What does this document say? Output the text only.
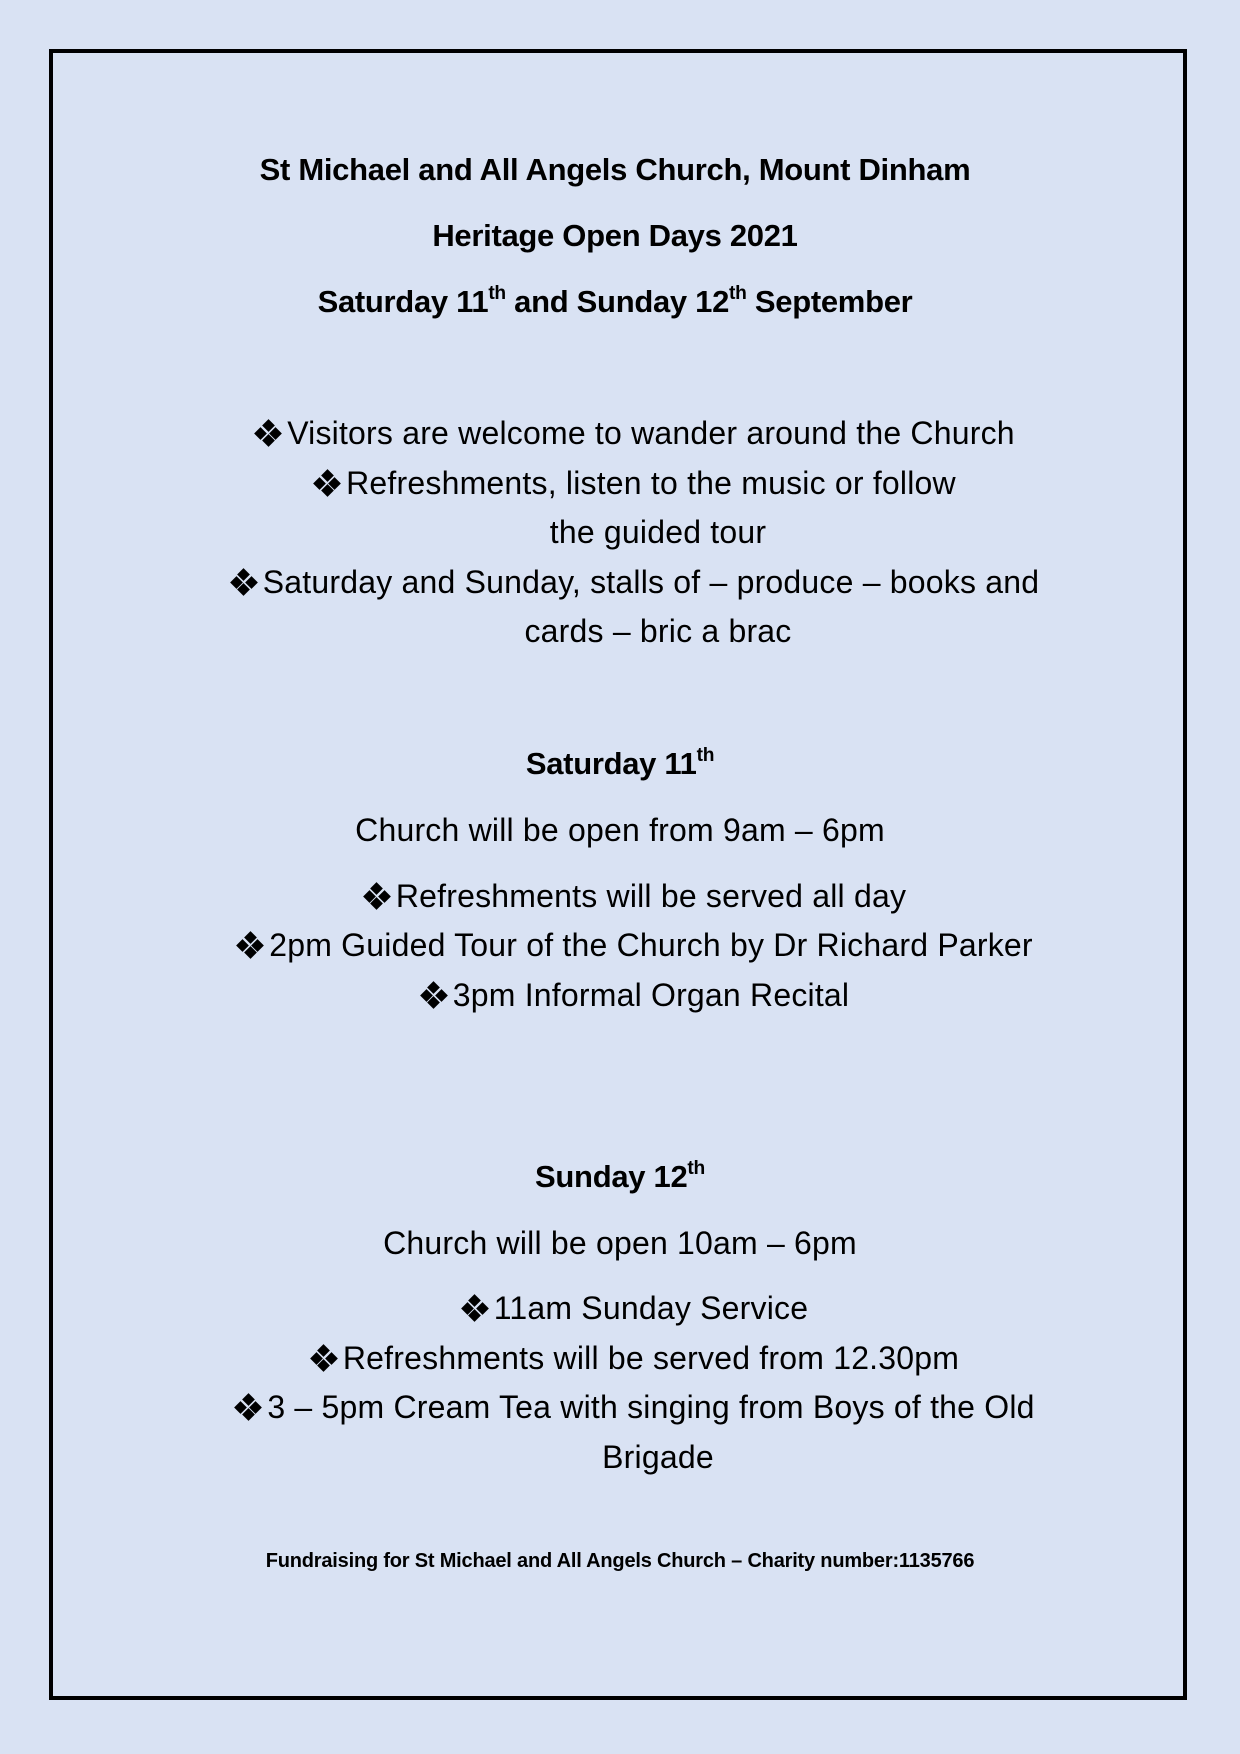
St Michael and All Angels Church, Mount Dinham
Heritage Open Days 2021
Saturday 11th and Sunday 12th September
Visitors are welcome to wander around the Church
Refreshments, listen to the music or follow
the guided tour
Saturday and Sunday, stalls of – produce – books and
cards – bric a brac
Saturday 11th
Church will be open from 9am – 6pm
Refreshments will be served all day
2pm Guided Tour of the Church by Dr Richard Parker
3pm Informal Organ Recital
Sunday 12th
Church will be open 10am – 6pm
11am Sunday Service
Refreshments will be served from 12.30pm
3 – 5pm Cream Tea with singing from Boys of the Old
Brigade
Fundraising for St Michael and All Angels Church – Charity number:1135766
